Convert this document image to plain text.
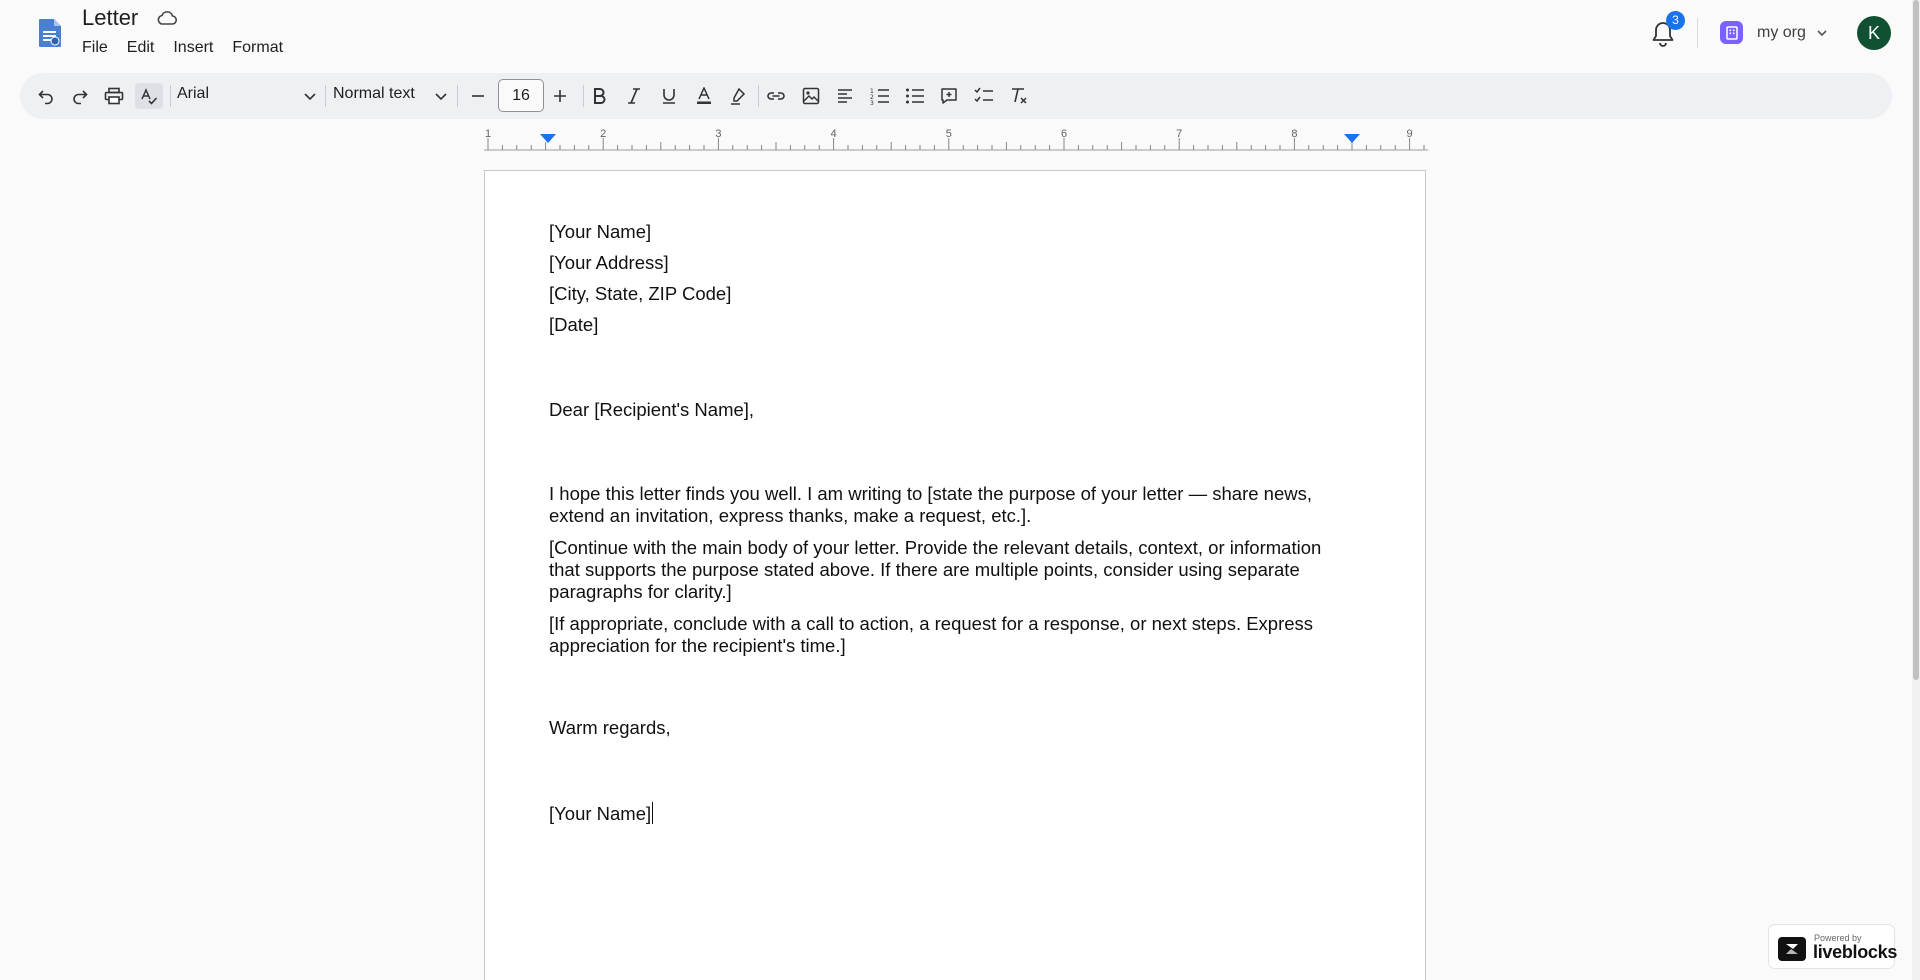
Letter
File Edit Insert Format
3
my org	K
Arial	Normal text	16	1
2
3
1	2	3	4	5	6	7	8	9
[Your Name]
[Your Address]
[City, State, ZIP Code]
[Date]
Dear [Recipient's Name],
I hope this letter finds you well. I am writing to [state the purpose of your letter — share news, extend an invitation, express thanks, make a request, etc.].
[Continue with the main body of your letter. Provide the relevant details, context, or information that supports the purpose stated above. If there are multiple points, consider using separate paragraphs for clarity.]
[If appropriate, conclude with a call to action, a request for a response, or next steps. Express appreciation for the recipient's time.]
Warm regards,
[Your Name]
Powered by
liveblocks
